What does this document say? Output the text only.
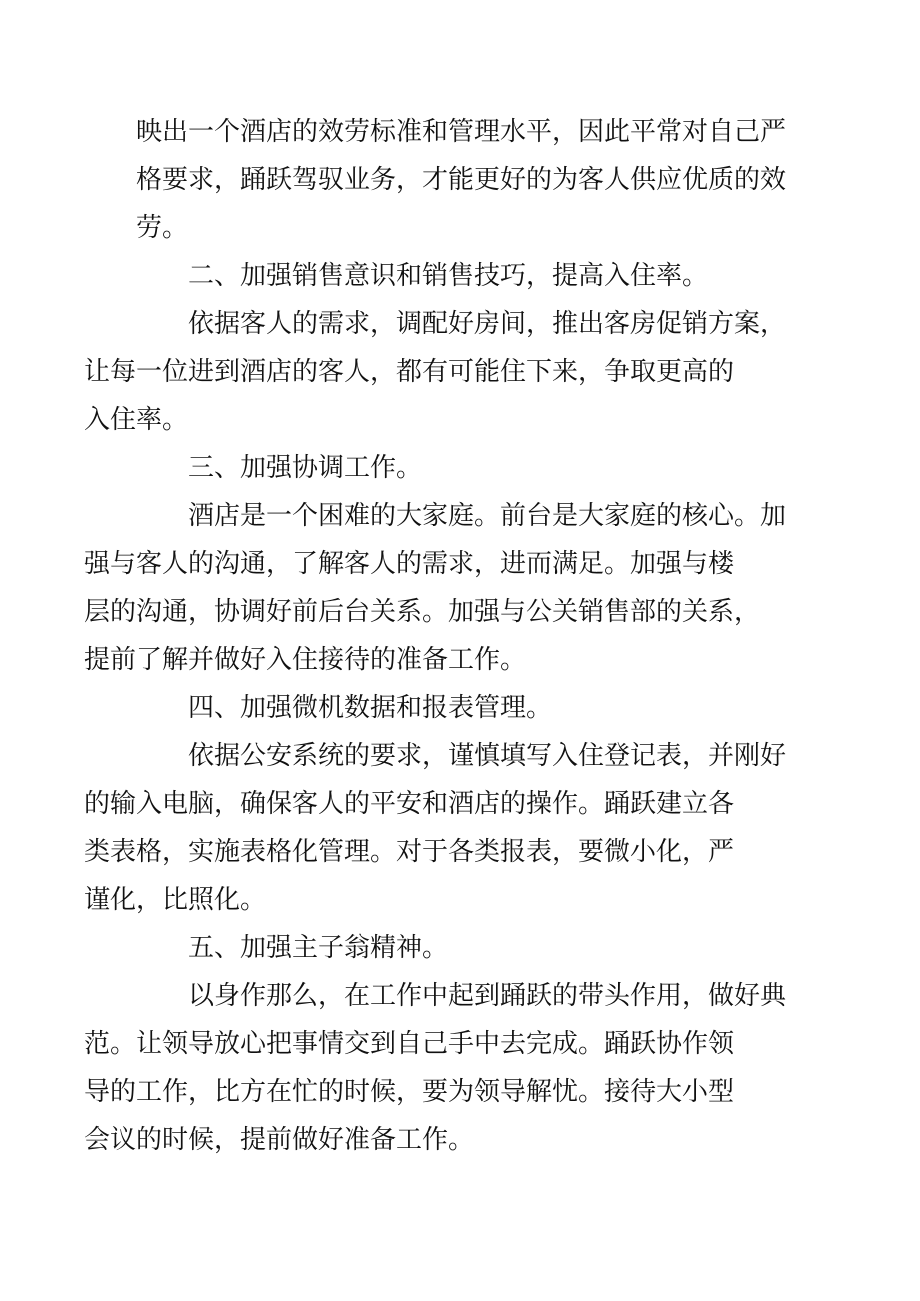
映出一个酒店的效劳标准和管理水平，因此平常对自己严
格要求，踊跃驾驭业务，才能更好的为客人供应优质的效
劳。

二、加强销售意识和销售技巧，提高入住率。

依据客人的需求，调配好房间，推出客房促销方案，
让每一位进到酒店的客人，都有可能住下来，争取更高的
入住率。

三、加强协调工作。

酒店是一个困难的大家庭。前台是大家庭的核心。加
强与客人的沟通，了解客人的需求，进而满足。加强与楼
层的沟通，协调好前后台关系。加强与公关销售部的关系，
提前了解并做好入住接待的准备工作。

四、加强微机数据和报表管理。

依据公安系统的要求，谨慎填写入住登记表，并刚好
的输入电脑，确保客人的平安和酒店的操作。踊跃建立各
类表格，实施表格化管理。对于各类报表，要微小化，严
谨化，比照化。

五、加强主子翁精神。

以身作那么，在工作中起到踊跃的带头作用，做好典
范。让领导放心把事情交到自己手中去完成。踊跃协作领
导的工作，比方在忙的时候，要为领导解忧。接待大小型
会议的时候，提前做好准备工作。
